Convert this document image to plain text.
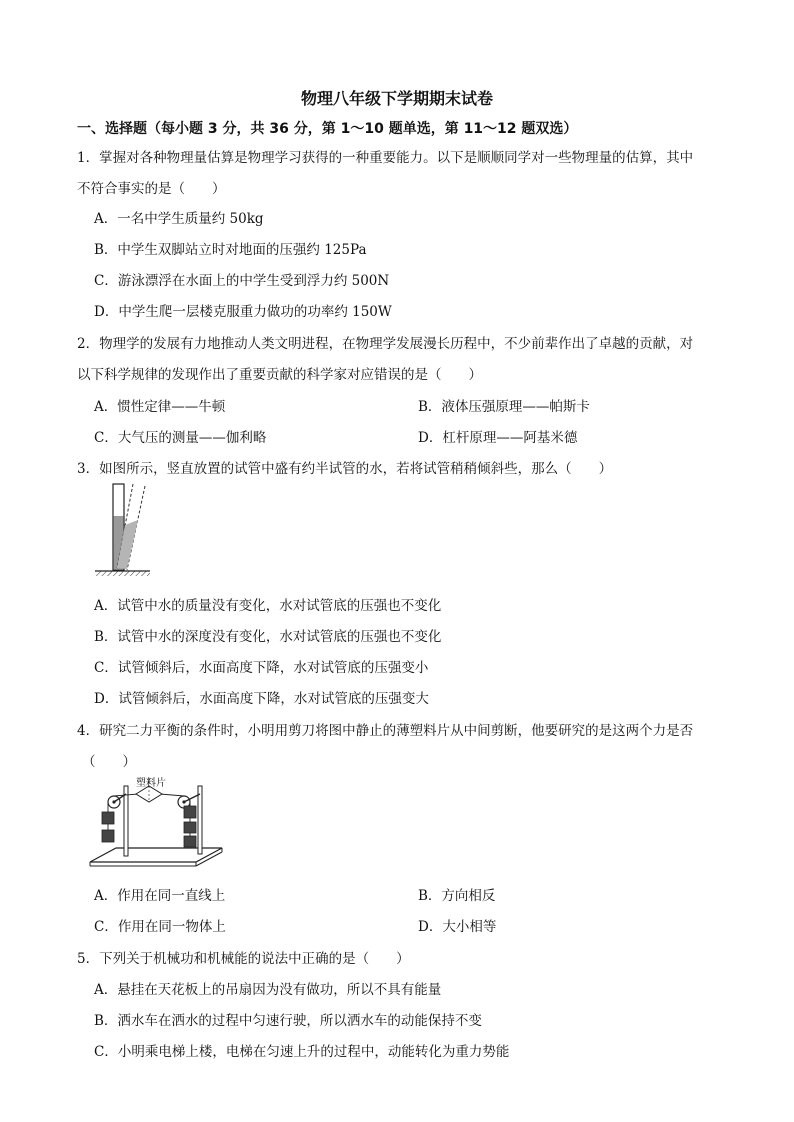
物理八年级下学期期末试卷
一、选择题（每小题 3 分，共 36 分，第 1～10 题单选，第 11～12 题双选）
1．掌握对各种物理量估算是物理学习获得的一种重要能力。以下是顺顺同学对一些物理量的估算，其中
不符合事实的是（　　）
A．一名中学生质量约 50kg
B．中学生双脚站立时对地面的压强约 125Pa
C．游泳漂浮在水面上的中学生受到浮力约 500N
D．中学生爬一层楼克服重力做功的功率约 150W
2．物理学的发展有力地推动人类文明进程，在物理学发展漫长历程中，不少前辈作出了卓越的贡献，对
以下科学规律的发现作出了重要贡献的科学家对应错误的是（　　）
A．惯性定律——牛顿	B．液体压强原理——帕斯卡
C．大气压的测量——伽利略	D．杠杆原理——阿基米德
3．如图所示，竖直放置的试管中盛有约半试管的水，若将试管稍稍倾斜些，那么（　　）
A．试管中水的质量没有变化，水对试管底的压强也不变化
B．试管中水的深度没有变化，水对试管底的压强也不变化
C．试管倾斜后，水面高度下降，水对试管底的压强变小
D．试管倾斜后，水面高度下降，水对试管底的压强变大
4．研究二力平衡的条件时，小明用剪刀将图中静止的薄塑料片从中间剪断，他要研究的是这两个力是否
（　　）
塑料片
A．作用在同一直线上	B．方向相反
C．作用在同一物体上	D．大小相等
5．下列关于机械功和机械能的说法中正确的是（　　）
A．悬挂在天花板上的吊扇因为没有做功，所以不具有能量
B．洒水车在洒水的过程中匀速行驶，所以洒水车的动能保持不变
C．小明乘电梯上楼，电梯在匀速上升的过程中，动能转化为重力势能
